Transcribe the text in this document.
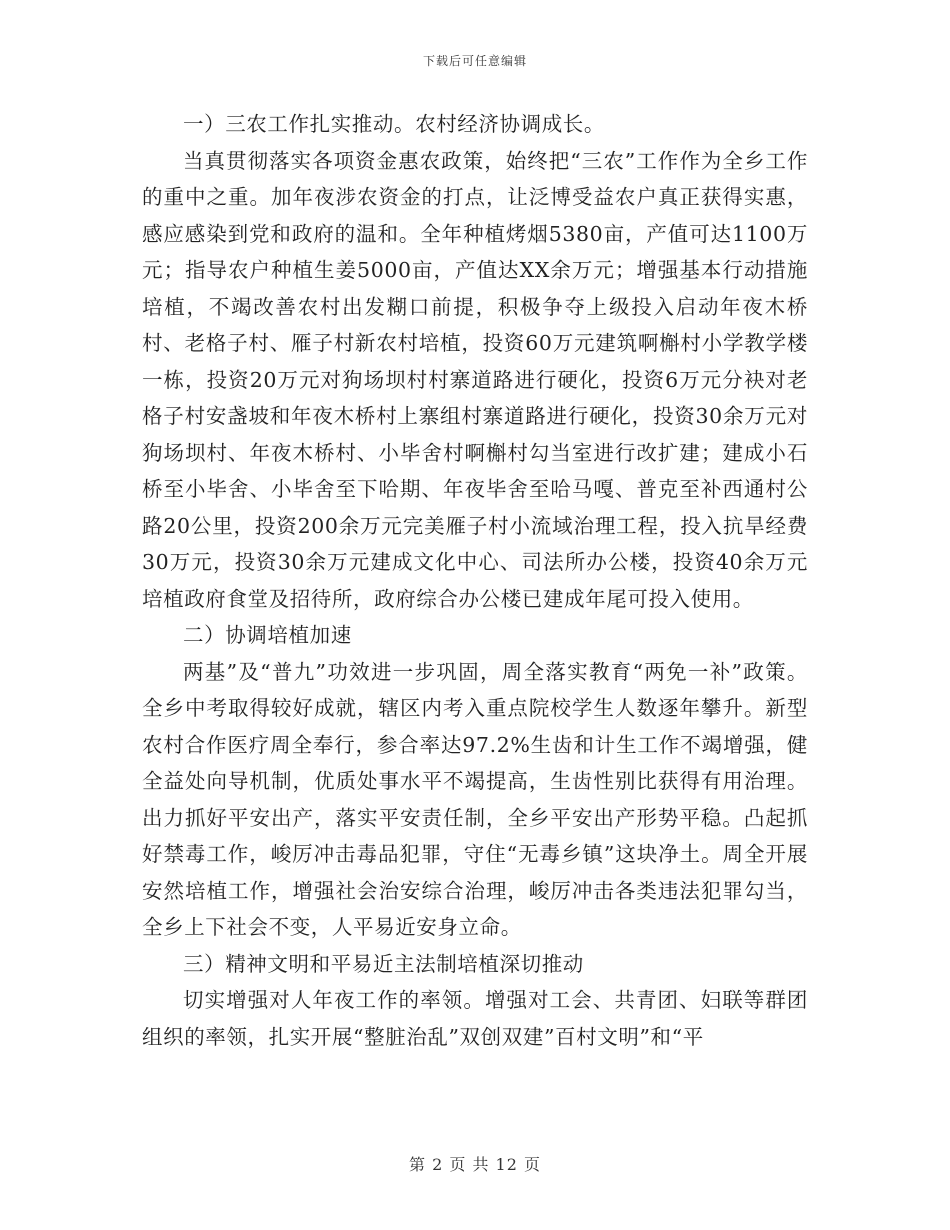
下载后可任意编辑

一）三农工作扎实推动。农村经济协调成长。

当真贯彻落实各项资金惠农政策，始终把“三农”工作作为全乡工作的重中之重。加年夜涉农资金的打点，让泛博受益农户真正获得实惠，感应感染到党和政府的温和。全年种植烤烟5380亩，产值可达1100万元；指导农户种植生姜5000亩，产值达XX余万元；增强基本行动措施培植，不竭改善农村出发糊口前提，积极争夺上级投入启动年夜木桥村、老格子村、雁子村新农村培植，投资60万元建筑啊槲村小学教学楼一栋，投资20万元对狗场坝村村寨道路进行硬化，投资6万元分袂对老格子村安盏坡和年夜木桥村上寨组村寨道路进行硬化，投资30余万元对狗场坝村、年夜木桥村、小毕舍村啊槲村勾当室进行改扩建；建成小石桥至小毕舍、小毕舍至下哈期、年夜毕舍至哈马嘎、普克至补西通村公路20公里，投资200余万元完美雁子村小流域治理工程，投入抗旱经费30万元，投资30余万元建成文化中心、司法所办公楼，投资40余万元培植政府食堂及招待所，政府综合办公楼已建成年尾可投入使用。

二）协调培植加速

两基”及“普九”功效进一步巩固，周全落实教育“两免一补”政策。全乡中考取得较好成就，辖区内考入重点院校学生人数逐年攀升。新型农村合作医疗周全奉行，参合率达97.2%生齿和计生工作不竭增强，健全益处向导机制，优质处事水平不竭提高，生齿性别比获得有用治理。出力抓好平安出产，落实平安责任制，全乡平安出产形势平稳。凸起抓好禁毒工作，峻厉冲击毒品犯罪，守住“无毒乡镇”这块净土。周全开展安然培植工作，增强社会治安综合治理，峻厉冲击各类违法犯罪勾当，全乡上下社会不变，人平易近安身立命。

三）精神文明和平易近主法制培植深切推动

切实增强对人年夜工作的率领。增强对工会、共青团、妇联等群团组织的率领，扎实开展“整脏治乱”双创双建”百村文明”和“平

第 2 页 共 12 页
